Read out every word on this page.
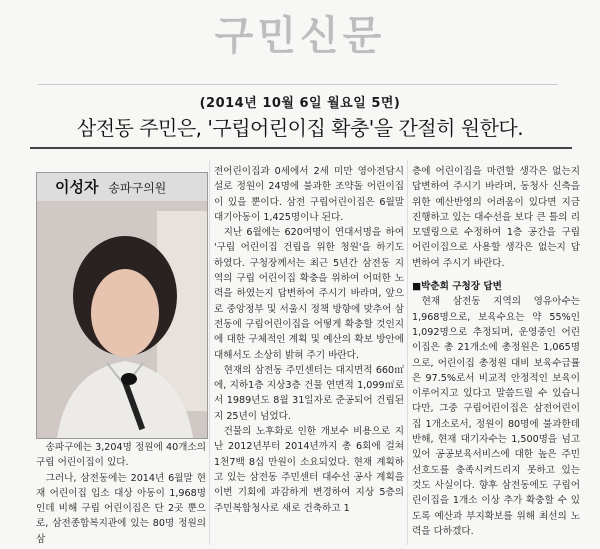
구민신문
(2014년 10월 6일 월요일 5면)
삼전동 주민은, '구립어린이집 확충'을 간절히 원한다.
이성자 송파구의원

송파구에는 3,204명 정원에 40개소의 구립 어린이집이 있다.

그러나, 삼전동에는 2014년 6월말 현재 어린이집 입소 대상 아동이 1,968명인데 비해 구립 어린이집은 단 2곳 뿐으로, 삼전종합복지관에 있는 80명 정원의 삼

전어린이집과 0세에서 2세 미만 영아전담시설로 정원이 24명에 불과한 조약돌 어린이집이 있을 뿐이다. 삼전 구립어린이집은 6월말 대기아동이 1,425명이나 된다.

지난 6월에는 620여명이 연대서명을 하여 '구립 어린이집 건립을 위한 청원'을 하기도 하였다. 구청장께서는 최근 5년간 삼전동 지역의 구립 어린이집 확충을 위하여 어떠한 노력을 하였는지 답변하여 주시기 바라며, 앞으로 중앙정부 및 서울시 정책 방향에 맞추어 삼전동에 구립어린이집을 어떻게 확충할 것인지에 대한 구체적인 계획 및 예산의 확보 방안에 대해서도 소상히 밝혀 주기 바란다.

현재의 삼전동 주민센터는 대지면적 660㎡에, 지하1층 지상3층 건물 연면적 1,099㎡로서 1989년도 8월 31일자로 준공되어 건립된 지 25년이 넘었다.

건물의 노후화로 인한 개보수 비용으로 지난 2012년부터 2014년까지 총 6회에 걸쳐 1천7백 8십 만원이 소요되었다. 현재 계획하고 있는 삼전동 주민센터 대수선 공사 계획을 이번 기회에 과감하게 변경하여 지상 5층의 주민복합청사로 새로 건축하고 1

층에 어린이집을 마련할 생각은 없는지 답변하여 주시기 바라며, 동청사 신축을 위한 예산반영의 어려움이 있다면 지금 진행하고 있는 대수선을 보다 큰 틀의 리모델링으로 수정하여 1층 공간을 구립 어린이집으로 사용할 생각은 없는지 답변하여 주시기 바란다.

■박춘희 구청장 답변

현재 삼전동 지역의 영유아수는 1,968명으로, 보육수요는 약 55%인 1,092명으로 추정되며, 운영중인 어린이집은 총 21개소에 총정원은 1,065명으로, 어린이집 총정원 대비 보육수급률은 97.5%로서 비교적 안정적인 보육이 이루어지고 있다고 말씀드릴 수 있습니다만, 그중 구립어린이집은 삼전어린이집 1개소로서, 정원이 80명에 불과한데 반해, 현재 대기자수는 1,500명을 넘고 있어 공공보육서비스에 대한 높은 주민 선호도를 충족시켜드리지 못하고 있는 것도 사실이다. 향후 삼전동에도 구립어린이집을 1개소 이상 추가 확충할 수 있도록 예산과 부지확보를 위해 최선의 노력을 다하겠다.
